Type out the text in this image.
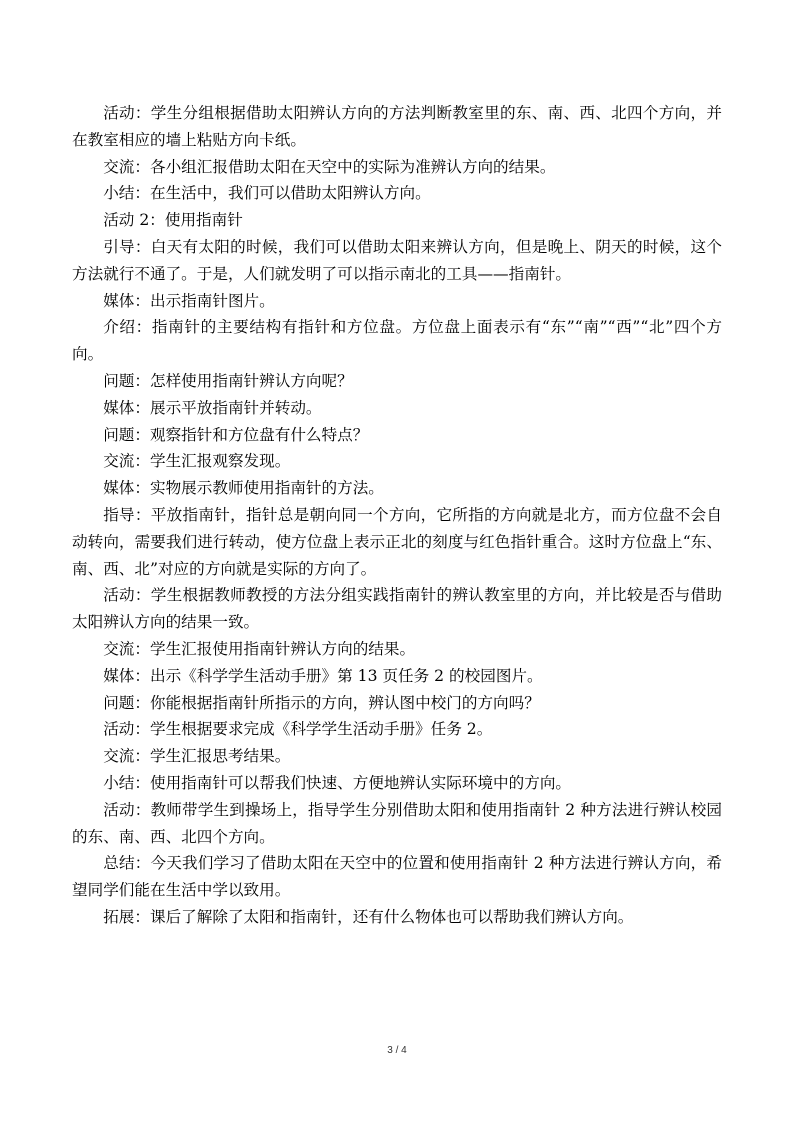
活动：学生分组根据借助太阳辨认方向的方法判断教室里的东、南、西、北四个方向，并在教室相应的墙上粘贴方向卡纸。

交流：各小组汇报借助太阳在天空中的实际为准辨认方向的结果。

小结：在生活中，我们可以借助太阳辨认方向。

活动 2：使用指南针

引导：白天有太阳的时候，我们可以借助太阳来辨认方向，但是晚上、阴天的时候，这个方法就行不通了。于是，人们就发明了可以指示南北的工具——指南针。

媒体：出示指南针图片。

介绍：指南针的主要结构有指针和方位盘。方位盘上面表示有“东”“南”“西”“北”四个方向。

问题：怎样使用指南针辨认方向呢？

媒体：展示平放指南针并转动。

问题：观察指针和方位盘有什么特点？

交流：学生汇报观察发现。

媒体：实物展示教师使用指南针的方法。

指导：平放指南针，指针总是朝向同一个方向，它所指的方向就是北方，而方位盘不会自动转向，需要我们进行转动，使方位盘上表示正北的刻度与红色指针重合。这时方位盘上“东、南、西、北”对应的方向就是实际的方向了。

活动：学生根据教师教授的方法分组实践指南针的辨认教室里的方向，并比较是否与借助太阳辨认方向的结果一致。

交流：学生汇报使用指南针辨认方向的结果。

媒体：出示《科学学生活动手册》第 13 页任务 2 的校园图片。

问题：你能根据指南针所指示的方向，辨认图中校门的方向吗？

活动：学生根据要求完成《科学学生活动手册》任务 2。

交流：学生汇报思考结果。

小结：使用指南针可以帮我们快速、方便地辨认实际环境中的方向。

活动：教师带学生到操场上，指导学生分别借助太阳和使用指南针 2 种方法进行辨认校园的东、南、西、北四个方向。

总结：今天我们学习了借助太阳在天空中的位置和使用指南针 2 种方法进行辨认方向，希望同学们能在生活中学以致用。

拓展：课后了解除了太阳和指南针，还有什么物体也可以帮助我们辨认方向。

3 / 4
